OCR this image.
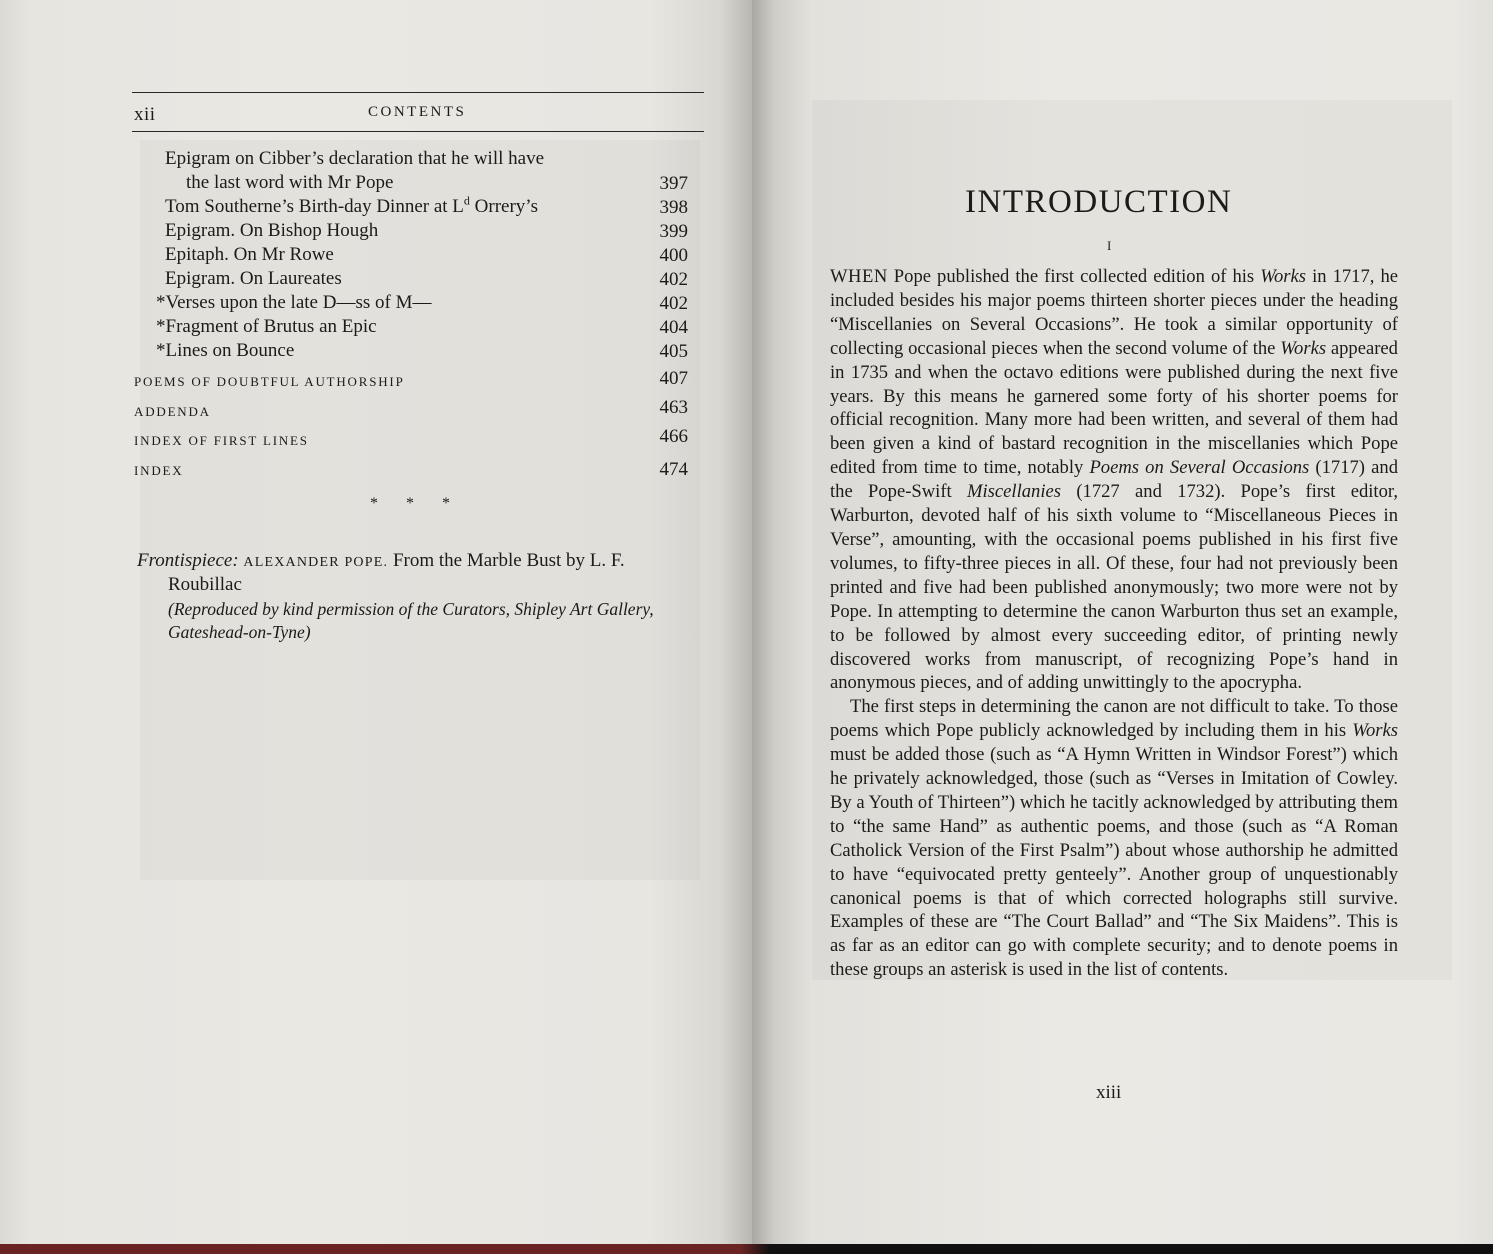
xii	CONTENTS
Epigram on Cibber’s declaration that he will have
the last word with Mr Pope	397
Tom Southerne’s Birth-day Dinner at $L^d$ Orrery’s	398
Epigram. On Bishop Hough	399
Epitaph. On Mr Rowe	400
Epigram. On Laureates	402
*Verses upon the late D—ss of M—	402
*Fragment of Brutus an Epic	404
*Lines on Bounce	405
POEMS OF DOUBTFUL AUTHORSHIP	407
ADDENDA	463
INDEX OF FIRST LINES	466
INDEX	474
* * *
Frontispiece: ALEXANDER POPE. From the Marble Bust by L. F.
Roubillac
(Reproduced by kind permission of the Curators, Shipley Art Gallery,
Gateshead-on-Tyne)
INTRODUCTION
I

WHEN Pope published the first collected edition of his Works in 1717, he included besides his major poems thirteen shorter pieces under the heading “Miscellanies on Several Occasions”. He took a similar opportunity of collecting occasional pieces when the second volume of the Works appeared in 1735 and when the octavo editions were published during the next five years. By this means he garnered some forty of his shorter poems for official recognition. Many more had been written, and several of them had been given a kind of bastard recognition in the miscellanies which Pope edited from time to time, notably Poems on Several Occasions (1717) and the Pope-Swift Miscellanies (1727 and 1732). Pope’s first editor, Warburton, devoted half of his sixth volume to “Miscellaneous Pieces in Verse”, amounting, with the occasional poems published in his first five volumes, to fifty-three pieces in all. Of these, four had not previously been printed and five had been published anonymously; two more were not by Pope. In attempting to determine the canon Warburton thus set an example, to be followed by almost every succeeding editor, of printing newly discovered works from manuscript, of recognizing Pope’s hand in anonymous pieces, and of adding unwittingly to the apocrypha.

The first steps in determining the canon are not difficult to take. To those poems which Pope publicly acknowledged by including them in his Works must be added those (such as “A Hymn Written in Windsor Forest”) which he privately acknowledged, those (such as “Verses in Imitation of Cowley. By a Youth of Thirteen”) which he tacitly acknowledged by attributing them to “the same Hand” as authentic poems, and those (such as “A Roman Catholick Version of the First Psalm”) about whose authorship he admitted to have “equivocated pretty genteely”. Another group of unquestionably canonical poems is that of which corrected holographs still survive. Examples of these are “The Court Ballad” and “The Six Maidens”. This is as far as an editor can go with complete security; and to denote poems in these groups an asterisk is used in the list of contents.

xiii
